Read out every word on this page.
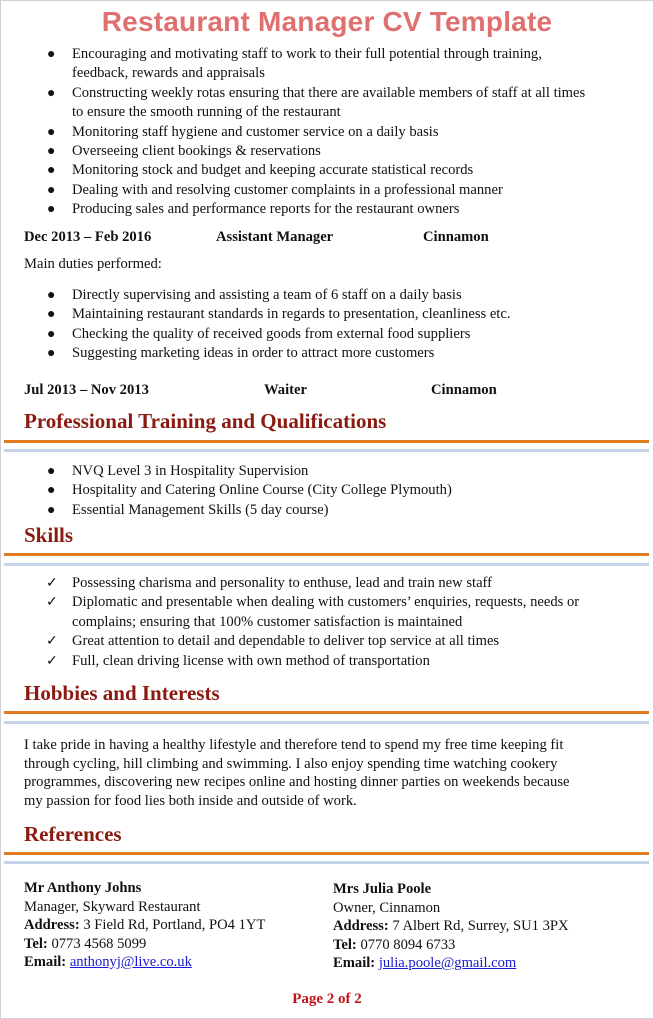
Restaurant Manager CV Template
● Encouraging and motivating staff to work to their full potential through training, feedback, rewards and appraisals
● Constructing weekly rotas ensuring that there are available members of staff at all times to ensure the smooth running of the restaurant
● Monitoring staff hygiene and customer service on a daily basis
● Overseeing client bookings & reservations
● Monitoring stock and budget and keeping accurate statistical records
● Dealing with and resolving customer complaints in a professional manner
● Producing sales and performance reports for the restaurant owners
Dec 2013 – Feb 2016	Assistant Manager	Cinnamon
Main duties performed:
● Directly supervising and assisting a team of 6 staff on a daily basis
● Maintaining restaurant standards in regards to presentation, cleanliness etc.
● Checking the quality of received goods from external food suppliers
● Suggesting marketing ideas in order to attract more customers
Jul 2013 – Nov 2013	Waiter	Cinnamon
Professional Training and Qualifications
● NVQ Level 3 in Hospitality Supervision
● Hospitality and Catering Online Course (City College Plymouth)
● Essential Management Skills (5 day course)
Skills
✓ Possessing charisma and personality to enthuse, lead and train new staff
✓ Diplomatic and presentable when dealing with customers’ enquiries, requests, needs or complains; ensuring that 100% customer satisfaction is maintained
✓ Great attention to detail and dependable to deliver top service at all times
✓ Full, clean driving license with own method of transportation
Hobbies and Interests

I take pride in having a healthy lifestyle and therefore tend to spend my free time keeping fit through cycling, hill climbing and swimming. I also enjoy spending time watching cookery programmes, discovering new recipes online and hosting dinner parties on weekends because my passion for food lies both inside and outside of work.

References
Mr Anthony Johns
Manager, Skyward Restaurant
Address: 3 Field Rd, Portland, PO4 1YT
Tel: 0773 4568 5099
Email: anthonyj@live.co.uk
Mrs Julia Poole
Owner, Cinnamon
Address: 7 Albert Rd, Surrey, SU1 3PX
Tel: 0770 8094 6733
Email: julia.poole@gmail.com
Page 2 of 2
